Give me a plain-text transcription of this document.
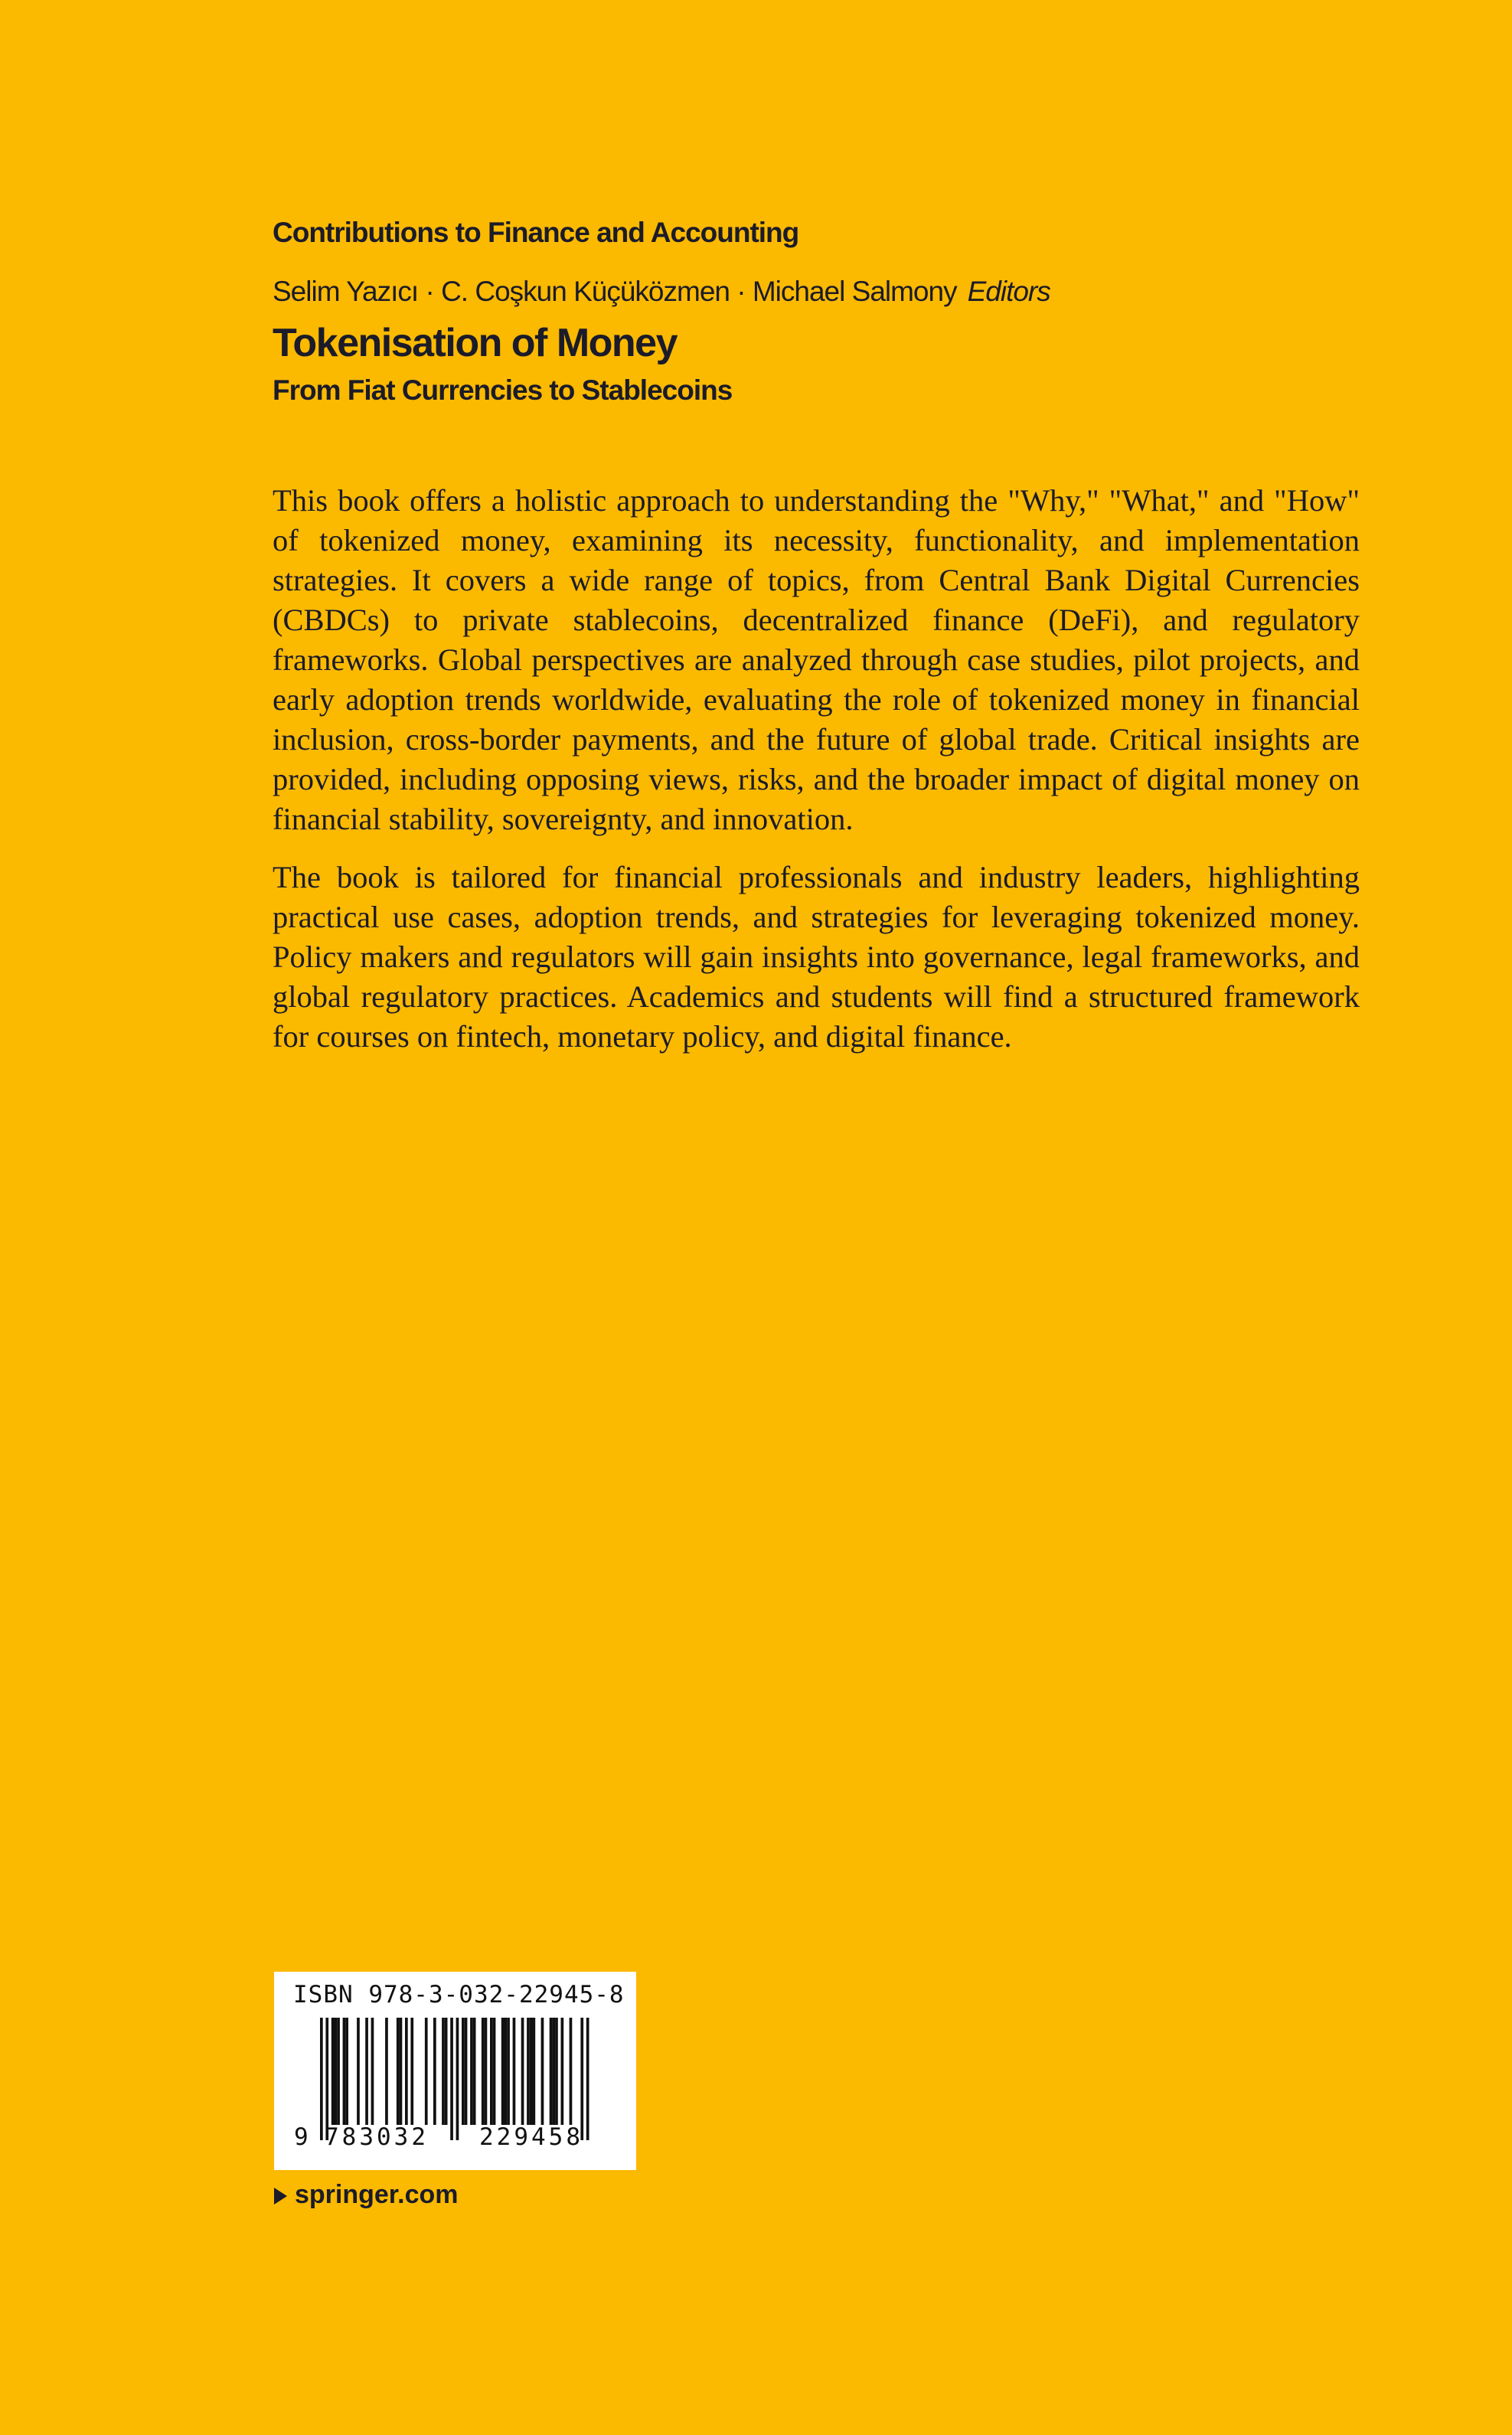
Contributions to Finance and Accounting
Selim Yazıcı · C. Coşkun Küçüközmen · Michael Salmony Editors
Tokenisation of Money
From Fiat Currencies to Stablecoins

This book offers a holistic approach to understanding the "Why," "What," and "How" of tokenized money, examining its necessity, functionality, and implementation strategies. It covers a wide range of topics, from Central Bank Digital Currencies (CBDCs) to private stablecoins, decentralized finance (DeFi), and regulatory frameworks. Global perspectives are analyzed through case studies, pilot projects, and early adoption trends worldwide, evaluating the role of tokenized money in financial inclusion, cross-border payments, and the future of global trade. Critical insights are provided, including opposing views, risks, and the broader impact of digital money on financial stability, sovereignty, and innovation.

The book is tailored for financial professionals and industry leaders, highlighting practical use cases, adoption trends, and strategies for leveraging tokenized money. Policy makers and regulators will gain insights into governance, legal frameworks, and global regulatory practices. Academics and students will find a structured framework for courses on fintech, monetary policy, and digital finance.

ISBN 978-3-032-22945-8
9 783032 229458
springer.com
